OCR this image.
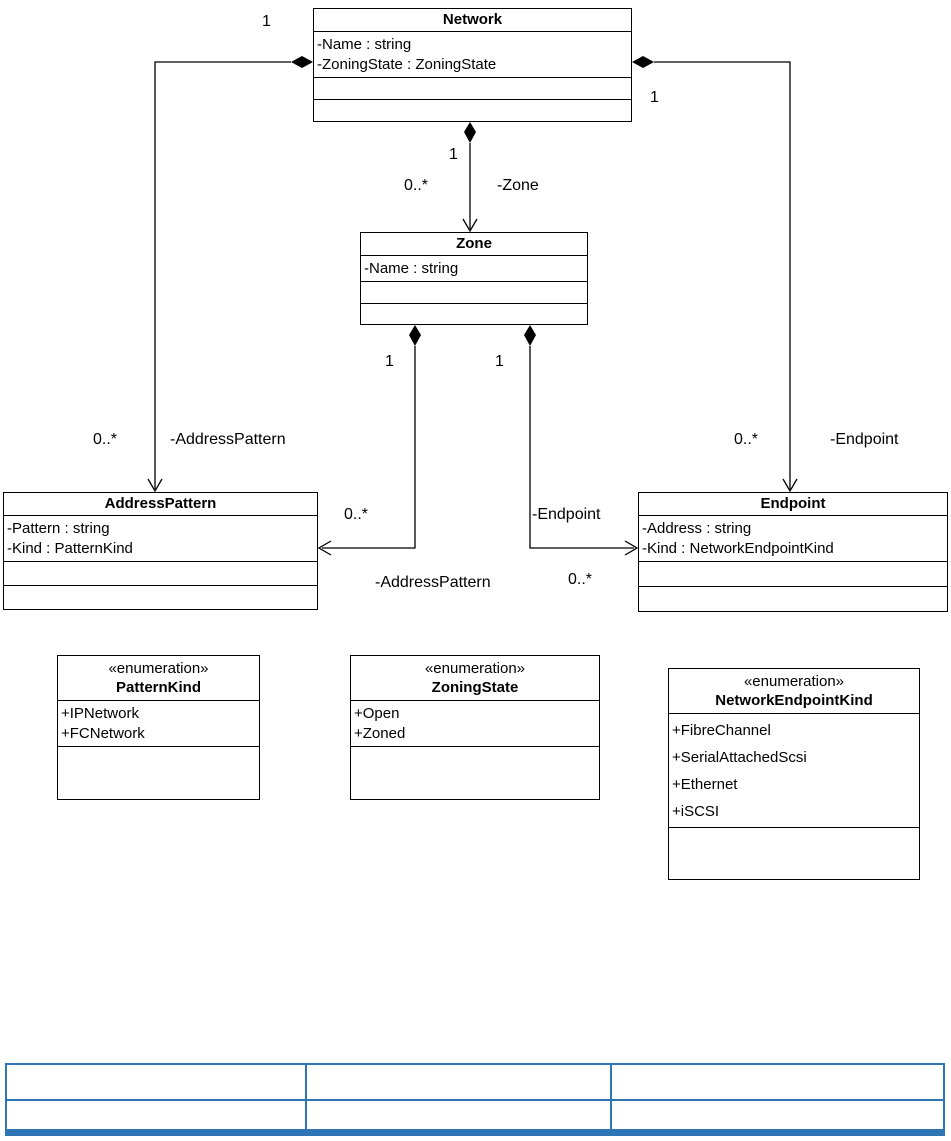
Network
-Name : string
-ZoningState : ZoningState
Zone
-Name : string
AddressPattern
-Pattern : string
-Kind : PatternKind
Endpoint
-Address : string
-Kind : NetworkEndpointKind
«enumeration»
PatternKind
+IPNetwork
+FCNetwork
«enumeration»
ZoningState
+Open
+Zoned
«enumeration»
NetworkEndpointKind
+FibreChannel
+SerialAttachedScsi
+Ethernet
+iSCSI
1
0..*	-AddressPattern
1
0..*	-Zone
1
0..*	-Endpoint
1
0..*
-AddressPattern
1
-Endpoint
0..*
